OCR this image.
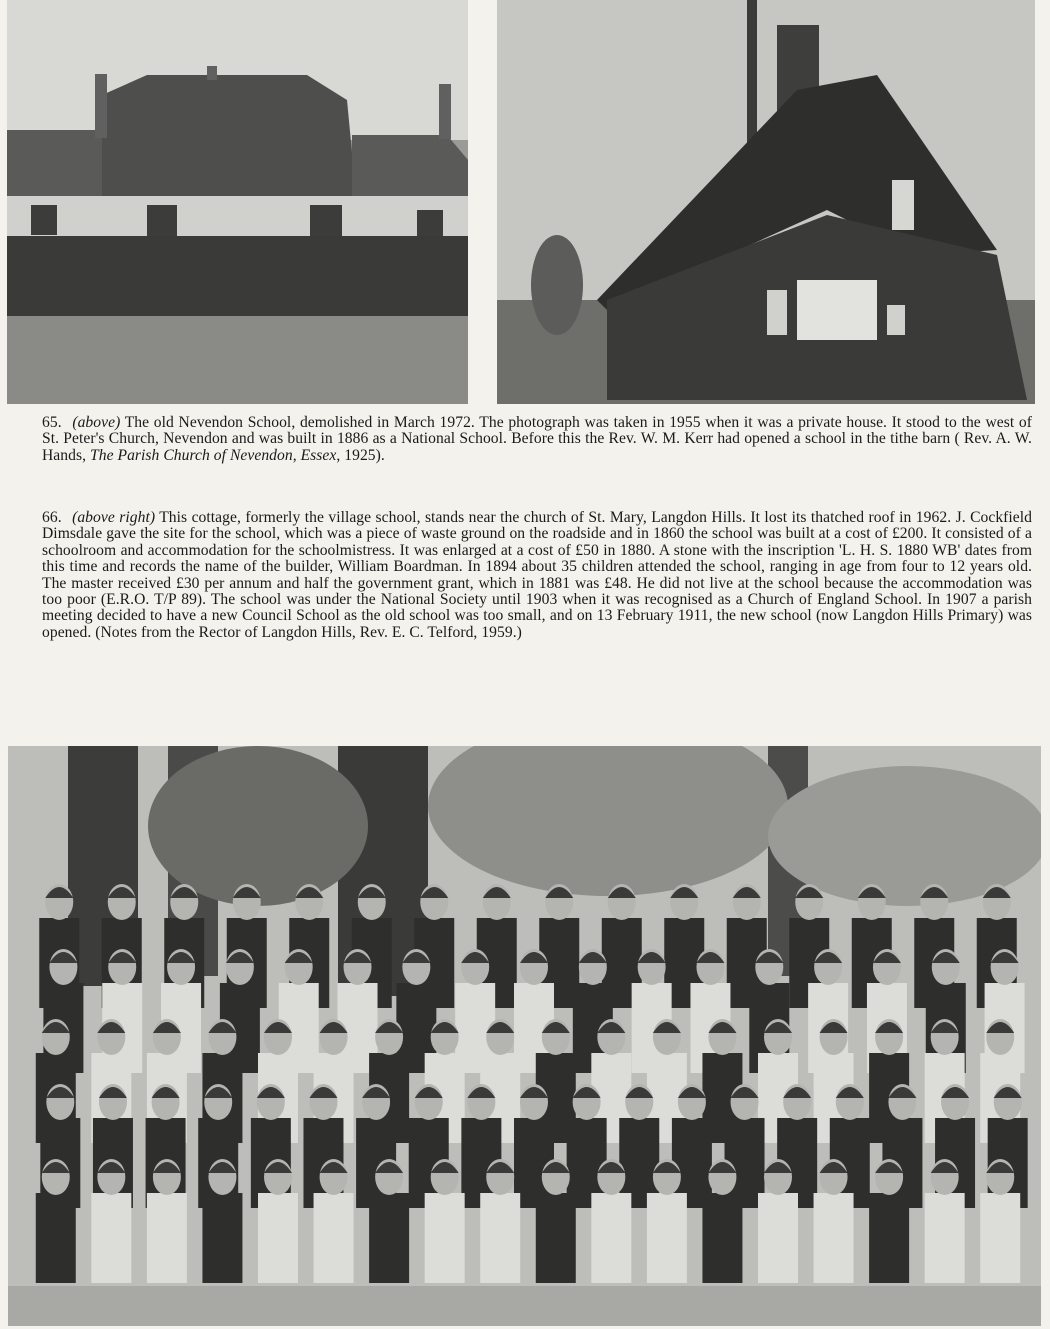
65. (above) The old Nevendon School, demolished in March 1972. The photograph was taken in 1955 when it was a private house. It stood to the west of St. Peter's Church, Nevendon and was built in 1886 as a National School. Before this the Rev. W. M. Kerr had opened a school in the tithe barn ( Rev. A. W. Hands, The Parish Church of Nevendon, Essex, 1925).
66. (above right) This cottage, formerly the village school, stands near the church of St. Mary, Langdon Hills. It lost its thatched roof in 1962. J. Cockfield Dimsdale gave the site for the school, which was a piece of waste ground on the roadside and in 1860 the school was built at a cost of £200. It consisted of a schoolroom and accommodation for the schoolmistress. It was enlarged at a cost of £50 in 1880. A stone with the inscription 'L. H. S. 1880 WB' dates from this time and records the name of the builder, William Boardman. In 1894 about 35 children attended the school, ranging in age from four to 12 years old. The master received £30 per annum and half the government grant, which in 1881 was £48. He did not live at the school because the accommodation was too poor (E.R.O. T/P 89). The school was under the National Society until 1903 when it was recognised as a Church of England School. In 1907 a parish meeting decided to have a new Council School as the old school was too small, and on 13 February 1911, the new school (now Langdon Hills Primary) was opened. (Notes from the Rector of Langdon Hills, Rev. E. C. Telford, 1959.)
